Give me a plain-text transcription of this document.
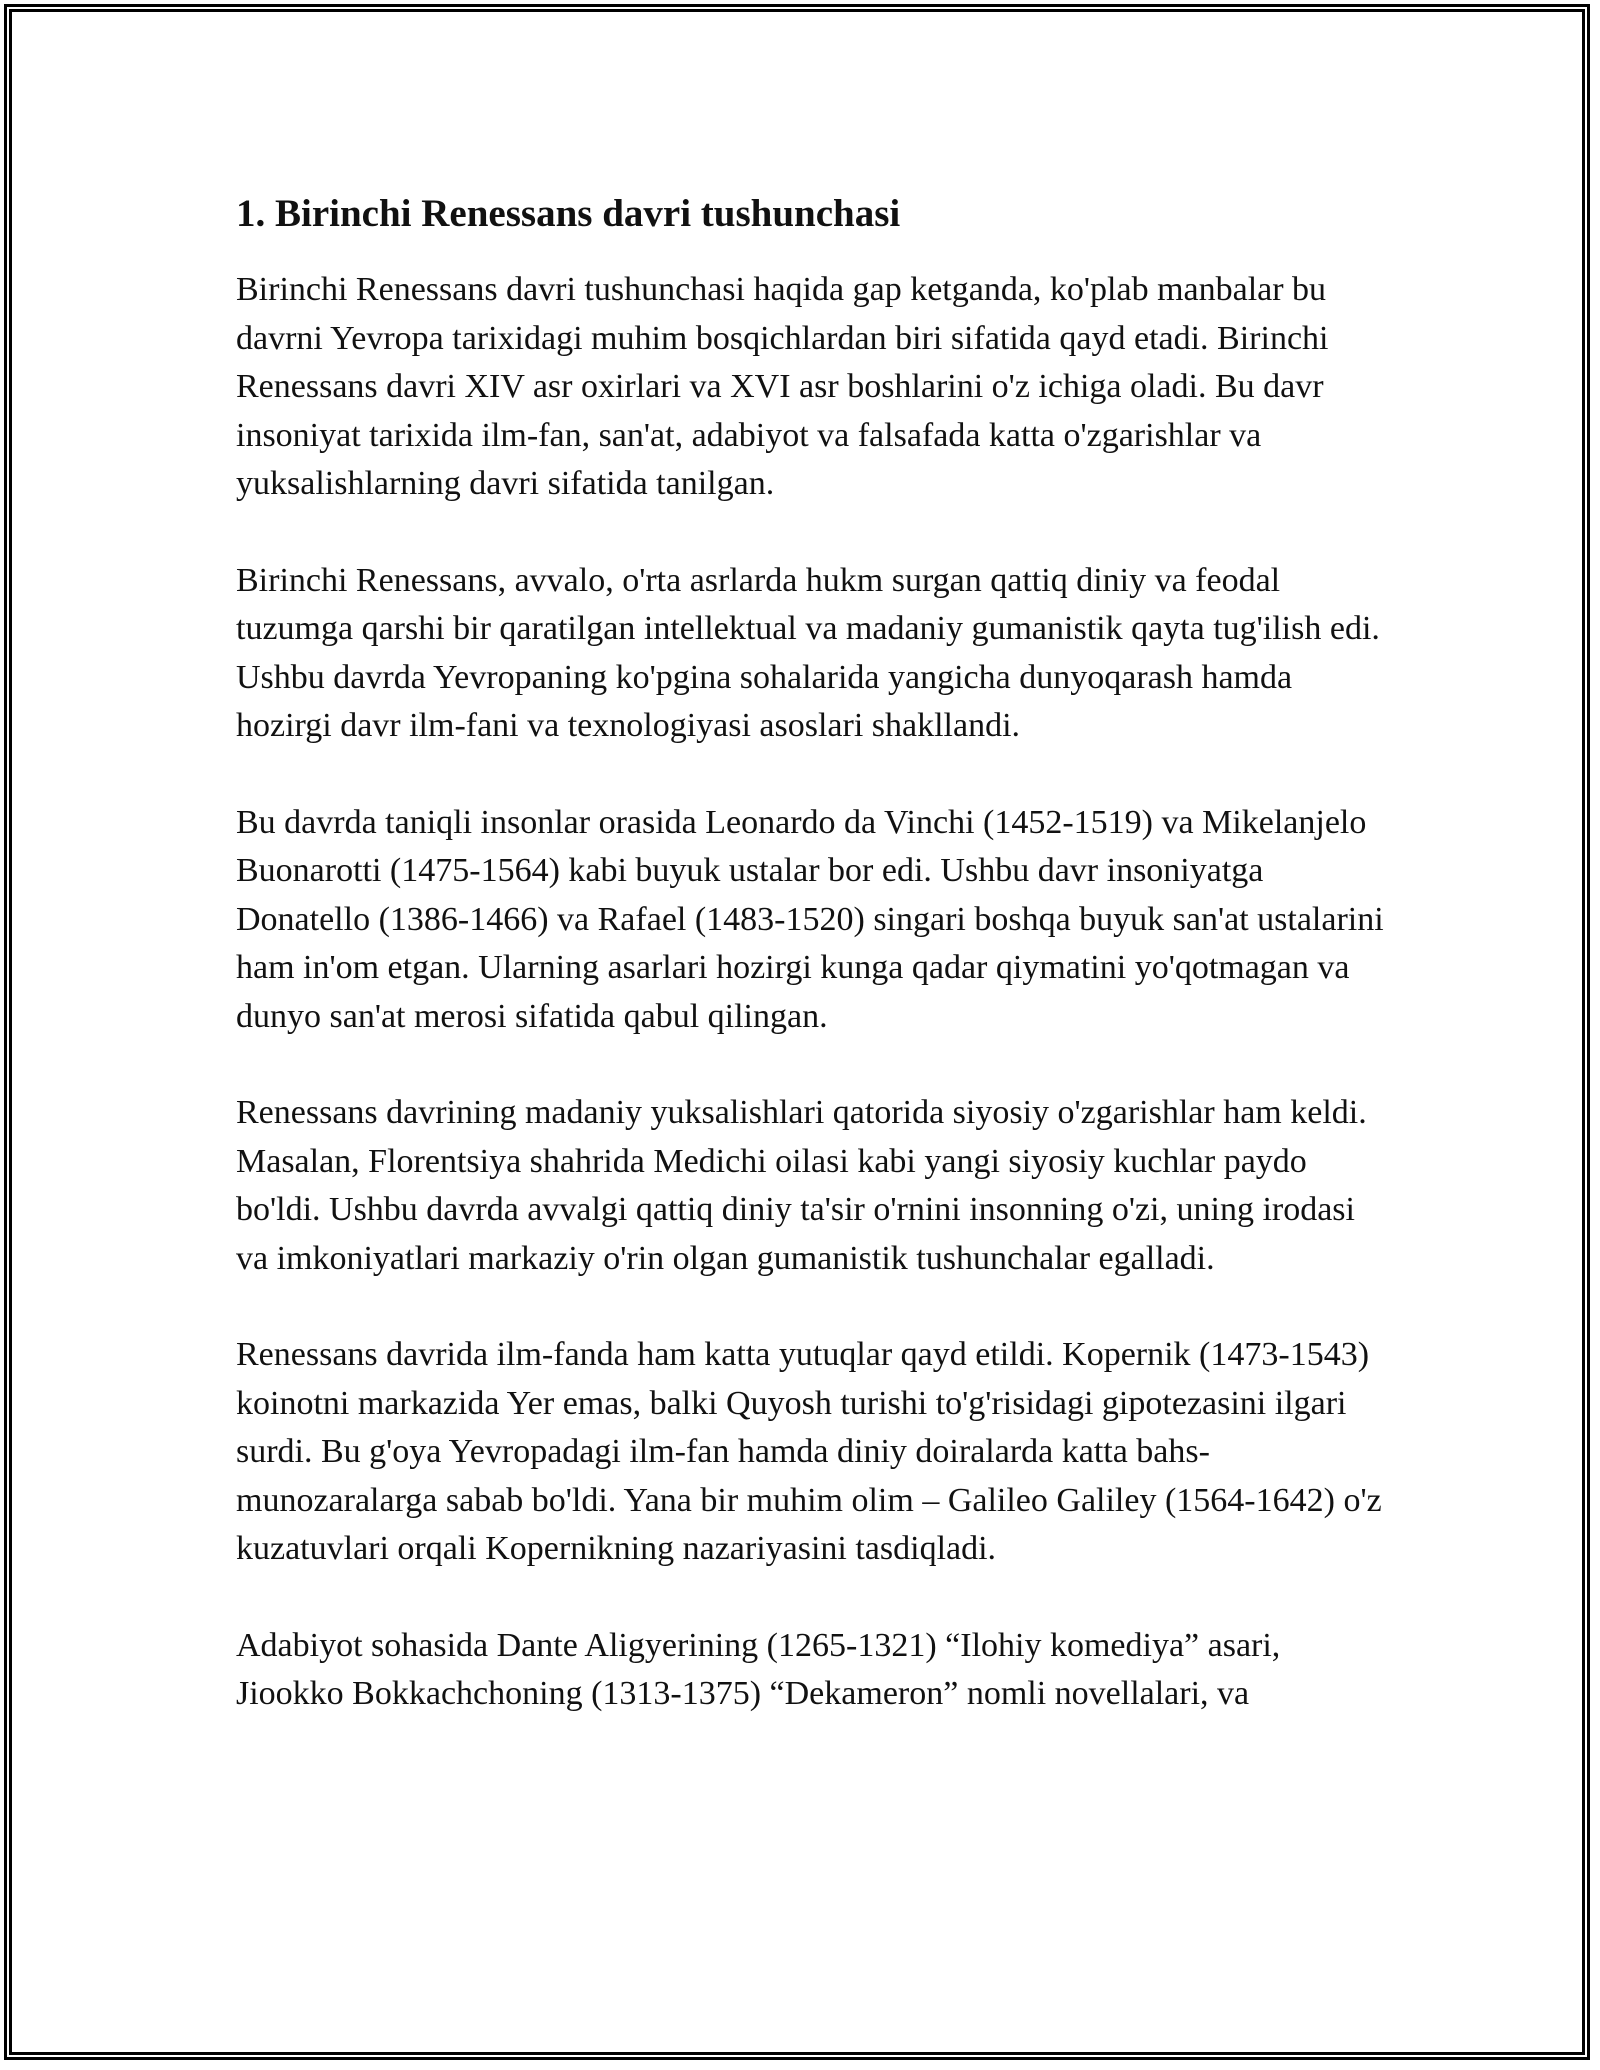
1. Birinchi Renessans davri tushunchasi

Birinchi Renessans davri tushunchasi haqida gap ketganda, ko'plab manbalar bu davrni Yevropa tarixidagi muhim bosqichlardan biri sifatida qayd etadi. Birinchi Renessans davri XIV asr oxirlari va XVI asr boshlarini o'z ichiga oladi. Bu davr insoniyat tarixida ilm-fan, san'at, adabiyot va falsafada katta o'zgarishlar va yuksalishlarning davri sifatida tanilgan.

Birinchi Renessans, avvalo, o'rta asrlarda hukm surgan qattiq diniy va feodal tuzumga qarshi bir qaratilgan intellektual va madaniy gumanistik qayta tug'ilish edi. Ushbu davrda Yevropaning ko'pgina sohalarida yangicha dunyoqarash hamda hozirgi davr ilm-fani va texnologiyasi asoslari shakllandi.

Bu davrda taniqli insonlar orasida Leonardo da Vinchi (1452-1519) va Mikelanjelo Buonarotti (1475-1564) kabi buyuk ustalar bor edi. Ushbu davr insoniyatga Donatello (1386-1466) va Rafael (1483-1520) singari boshqa buyuk san'at ustalarini ham in'om etgan. Ularning asarlari hozirgi kunga qadar qiymatini yo'qotmagan va dunyo san'at merosi sifatida qabul qilingan.

Renessans davrining madaniy yuksalishlari qatorida siyosiy o'zgarishlar ham keldi. Masalan, Florentsiya shahrida Medichi oilasi kabi yangi siyosiy kuchlar paydo bo'ldi. Ushbu davrda avvalgi qattiq diniy ta'sir o'rnini insonning o'zi, uning irodasi va imkoniyatlari markaziy o'rin olgan gumanistik tushunchalar egalladi.

Renessans davrida ilm-fanda ham katta yutuqlar qayd etildi. Kopernik (1473-1543) koinotni markazida Yer emas, balki Quyosh turishi to'g'risidagi gipotezasini ilgari surdi. Bu g'oya Yevropadagi ilm-fan hamda diniy doiralarda katta bahs-munozaralarga sabab bo'ldi. Yana bir muhim olim – Galileo Galiley (1564-1642) o'z kuzatuvlari orqali Kopernikning nazariyasini tasdiqladi.

Adabiyot sohasida Dante Aligyerining (1265-1321) “Ilohiy komediya” asari, Jiookko Bokkachchoning (1313-1375) “Dekameron” nomli novellalari, va
